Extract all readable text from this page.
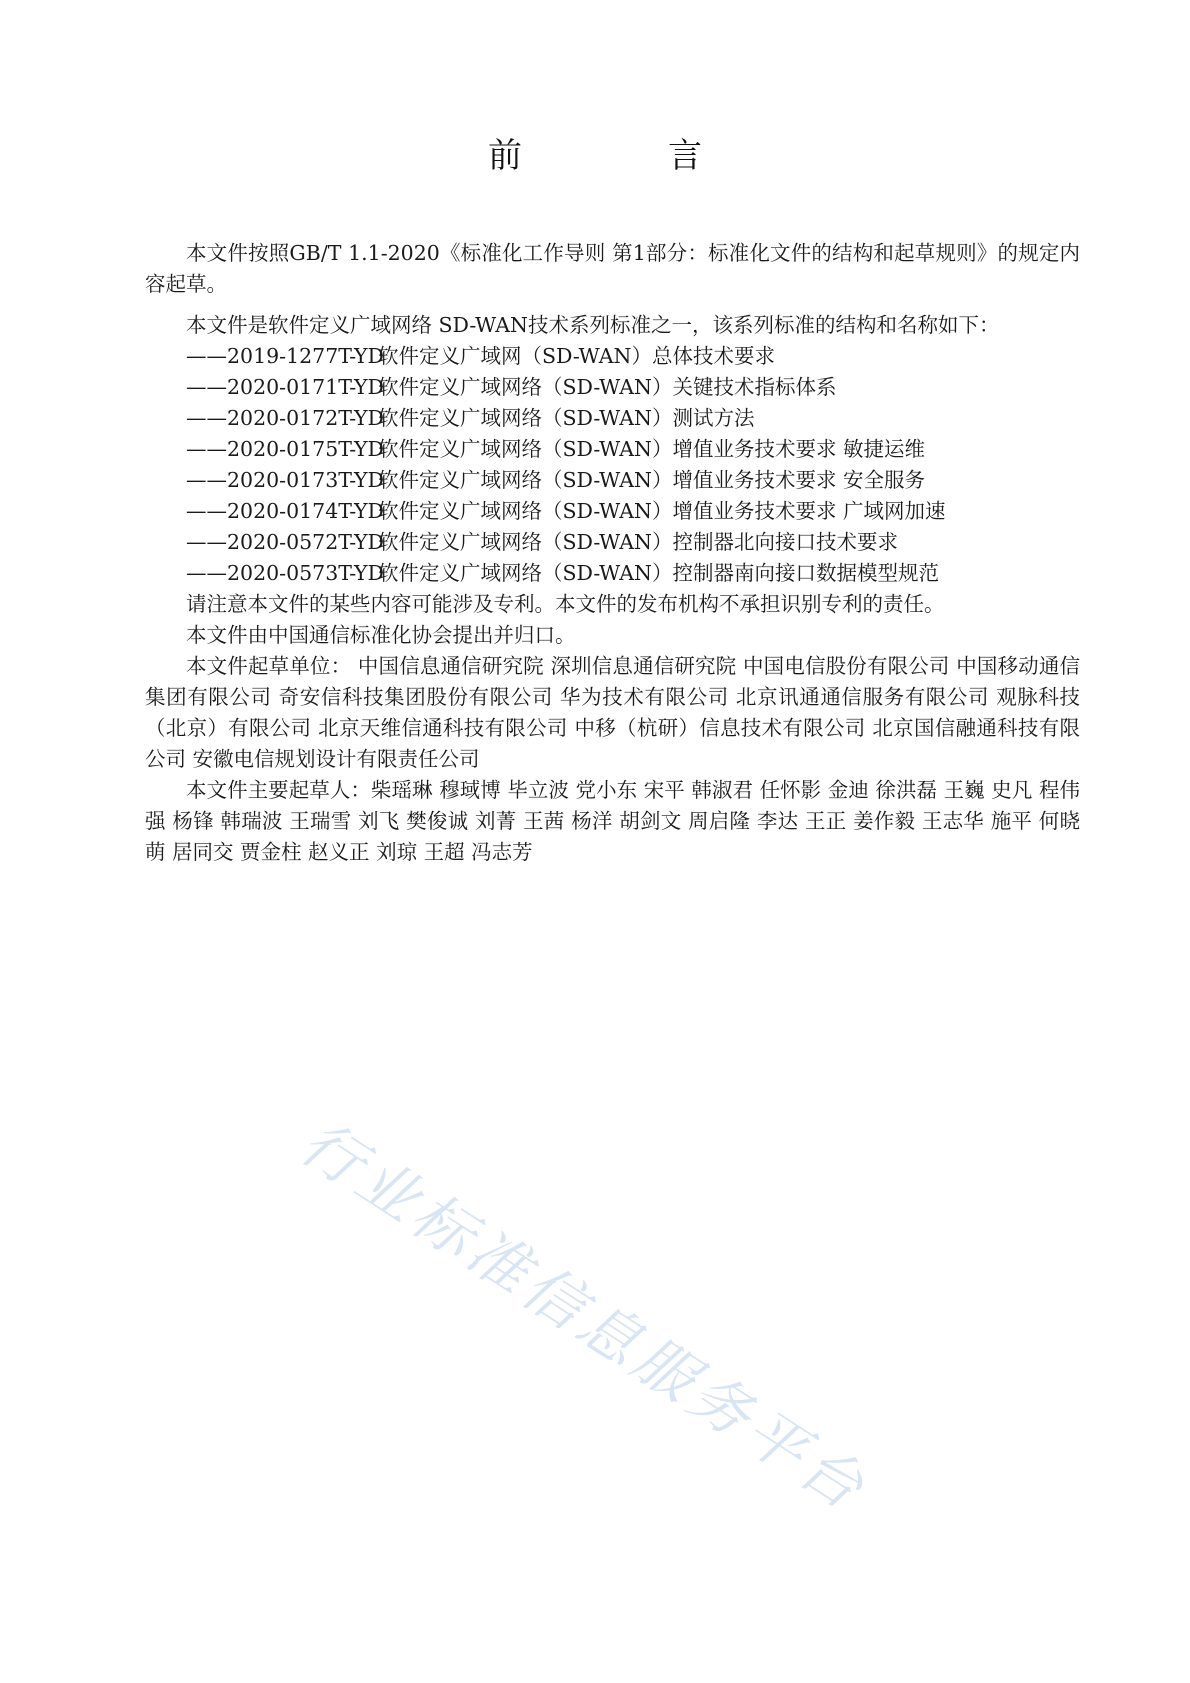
前　言

本文件按照GB/T 1.1-2020《标准化工作导则 第1部分：标准化文件的结构和起草规则》的规定内容起草。

本文件是软件定义广域网络 SD-WAN技术系列标准之一，该系列标准的结构和名称如下：

——2019-1277T-YD软件定义广域网（SD-WAN）总体技术要求

——2020-0171T-YD软件定义广域网络（SD-WAN）关键技术指标体系

——2020-0172T-YD软件定义广域网络（SD-WAN）测试方法

——2020-0175T-YD软件定义广域网络（SD-WAN）增值业务技术要求 敏捷运维

——2020-0173T-YD软件定义广域网络（SD-WAN）增值业务技术要求 安全服务

——2020-0174T-YD软件定义广域网络（SD-WAN）增值业务技术要求 广域网加速

——2020-0572T-YD软件定义广域网络（SD-WAN）控制器北向接口技术要求

——2020-0573T-YD软件定义广域网络（SD-WAN）控制器南向接口数据模型规范

请注意本文件的某些内容可能涉及专利。本文件的发布机构不承担识别专利的责任。

本文件由中国通信标准化协会提出并归口。

本文件起草单位： 中国信息通信研究院 深圳信息通信研究院 中国电信股份有限公司 中国移动通信集团有限公司 奇安信科技集团股份有限公司 华为技术有限公司 北京讯通通信服务有限公司 观脉科技（北京）有限公司 北京天维信通科技有限公司 中移（杭研）信息技术有限公司 北京国信融通科技有限公司 安徽电信规划设计有限责任公司

本文件主要起草人：柴瑶琳 穆琙博 毕立波 党小东 宋平 韩淑君 任怀影 金迪 徐洪磊 王巍 史凡 程伟强 杨锋 韩瑞波 王瑞雪 刘飞 樊俊诚 刘菁 王茜 杨洋 胡剑文 周启隆 李达 王正 姜作毅 王志华 施平 何晓萌 居同交 贾金柱 赵义正 刘琼 王超 冯志芳

行业标准信息服务平台
